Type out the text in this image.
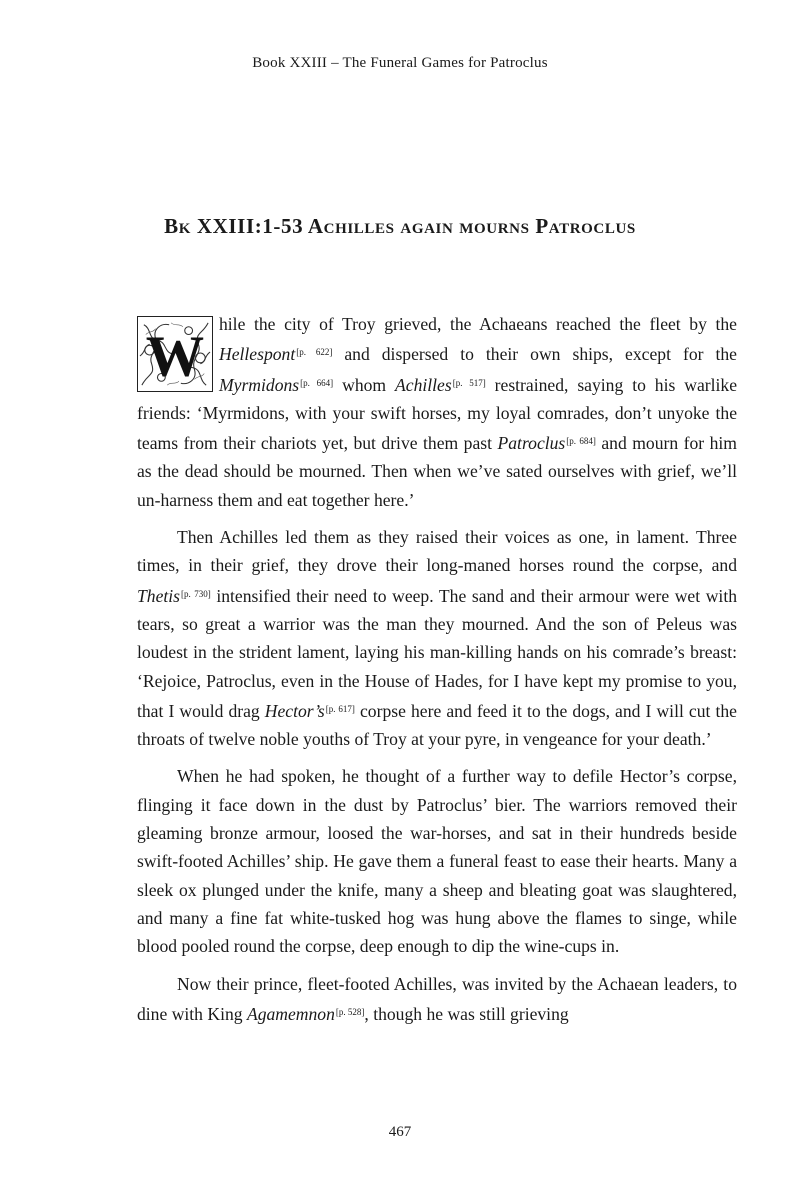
Book XXIII – The Funeral Games for Patroclus
Bk XXIII:1-53 Achilles again mourns Patroclus

W hile the city of Troy grieved, the Achaeans reached the fleet by the Hellespont[p. 622] and dispersed to their own ships, except for the Myrmidons[p. 664] whom Achilles[p. 517] restrained, saying to his warlike friends: ‘Myrmidons, with your swift horses, my loyal comrades, don’t unyoke the teams from their chariots yet, but drive them past Patroclus[p. 684] and mourn for him as the dead should be mourned. Then when we’ve sated ourselves with grief, we’ll un-harness them and eat together here.’

Then Achilles led them as they raised their voices as one, in lament. Three times, in their grief, they drove their long-maned horses round the corpse, and Thetis[p. 730] intensified their need to weep. The sand and their armour were wet with tears, so great a warrior was the man they mourned. And the son of Peleus was loudest in the strident lament, laying his man-killing hands on his comrade’s breast: ‘Rejoice, Patroclus, even in the House of Hades, for I have kept my promise to you, that I would drag Hector’s[p. 617] corpse here and feed it to the dogs, and I will cut the throats of twelve noble youths of Troy at your pyre, in vengeance for your death.’

When he had spoken, he thought of a further way to defile Hector’s corpse, flinging it face down in the dust by Patroclus’ bier. The warriors removed their gleaming bronze armour, loosed the war-horses, and sat in their hundreds beside swift-footed Achilles’ ship. He gave them a funeral feast to ease their hearts. Many a sleek ox plunged under the knife, many a sheep and bleating goat was slaughtered, and many a fine fat white-tusked hog was hung above the flames to singe, while blood pooled round the corpse, deep enough to dip the wine-cups in.

Now their prince, fleet-footed Achilles, was invited by the Achaean leaders, to dine with King Agamemnon[p. 528], though he was still grieving

467
